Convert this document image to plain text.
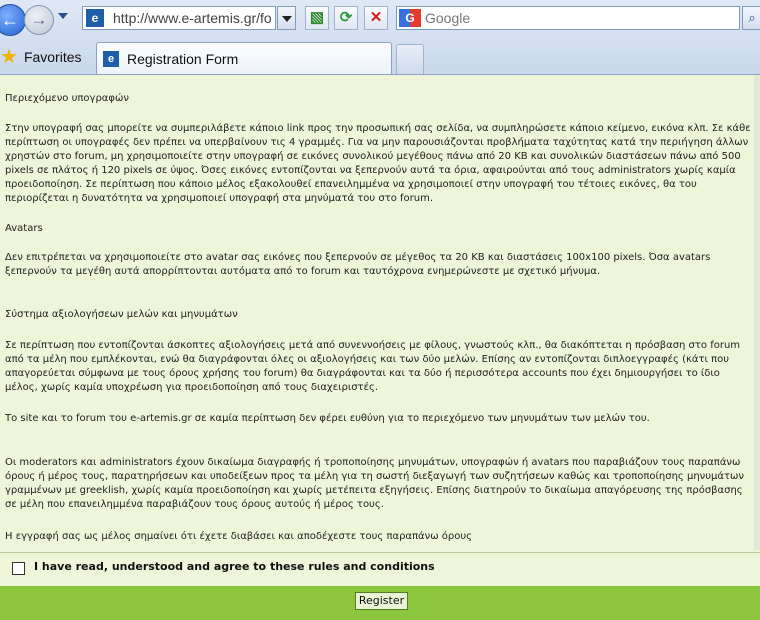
← →	e	http://www.e-artemis.gr/fo	▧	⟳	✕	G Google	⌕
★ Favorites	e Registration Form

Περιεχόμενο υπογραφών

Στην υπογραφή σας μπορείτε να συμπεριλάβετε κάποιο link προς την προσωπική σας σελίδα, να συμπληρώσετε κάποιο κείμενο, εικόνα κλπ. Σε κάθε περίπτωση οι υπογραφές δεν πρέπει να υπερβαίνουν τις 4 γραμμές. Για να μην παρουσιάζονται προβλήματα ταχύτητας κατά την περιήγηση άλλων χρηστών στο forum, μη χρησιμοποιείτε στην υπογραφή σε εικόνες συνολικού μεγέθους πάνω από 20 KB και συνολικών διαστάσεων πάνω από 500 pixels σε πλάτος ή 120 pixels σε ύψος. Όσες εικόνες εντοπίζονται να ξεπερνούν αυτά τα όρια, αφαιρούνται από τους administrators χωρίς καμία προειδοποίηση. Σε περίπτωση που κάποιο μέλος εξακολουθεί επανειλημμένα να χρησιμοποιεί στην υπογραφή του τέτοιες εικόνες, θα του περιορίζεται η δυνατότητα να χρησιμοποιεί υπογραφή στα μηνύματά του στο forum.

Avatars

Δεν επιτρέπεται να χρησιμοποιείτε στο avatar σας εικόνες που ξεπερνούν σε μέγεθος τα 20 KB και διαστάσεις 100x100 pixels. Όσα avatars ξεπερνούν τα μεγέθη αυτά απορρίπτονται αυτόματα από το forum και ταυτόχρονα ενημερώνεστε με σχετικό μήνυμα.

Σύστημα αξιολογήσεων μελών και μηνυμάτων

Σε περίπτωση που εντοπίζονται άσκοπτες αξιολογήσεις μετά από συνεννοήσεις με φίλους, γνωστούς κλπ., θα διακόπτεται η πρόσβαση στο forum από τα μέλη που εμπλέκονται, ενώ θα διαγράφονται όλες οι αξιολογήσεις και των δύο μελών. Επίσης αν εντοπίζονται διπλοεγγραφές (κάτι που απαγορεύεται σύμφωνα με τους όρους χρήσης του forum) θα διαγράφονται και τα δύο ή περισσότερα accounts που έχει δημιουργήσει το ίδιο μέλος, χωρίς καμία υποχρέωση για προειδοποίηση από τους διαχειριστές.

Το site και το forum του e-artemis.gr σε καμία περίπτωση δεν φέρει ευθύνη για το περιεχόμενο των μηνυμάτων των μελών του.

Οι moderators και administrators έχουν δικαίωμα διαγραφής ή τροποποίησης μηνυμάτων, υπογραφών ή avatars που παραβιάζουν τους παραπάνω όρους ή μέρος τους, παρατηρήσεων και υποδείξεων προς τα μέλη για τη σωστή διεξαγωγή των συζητήσεων καθώς και τροποποίησης μηνυμάτων γραμμένων με greeklish, χωρίς καμία προειδοποίηση και χωρίς μετέπειτα εξηγήσεις. Επίσης διατηρούν το δικαίωμα απαγόρευσης της πρόσβασης σε μέλη που επανειλημμένα παραβιάζουν τους όρους αυτούς ή μέρος τους.

Η εγγραφή σας ως μέλος σημαίνει ότι έχετε διαβάσει και αποδέχεστε τους παραπάνω όρους

I have read, understood and agree to these rules and conditions
Register
